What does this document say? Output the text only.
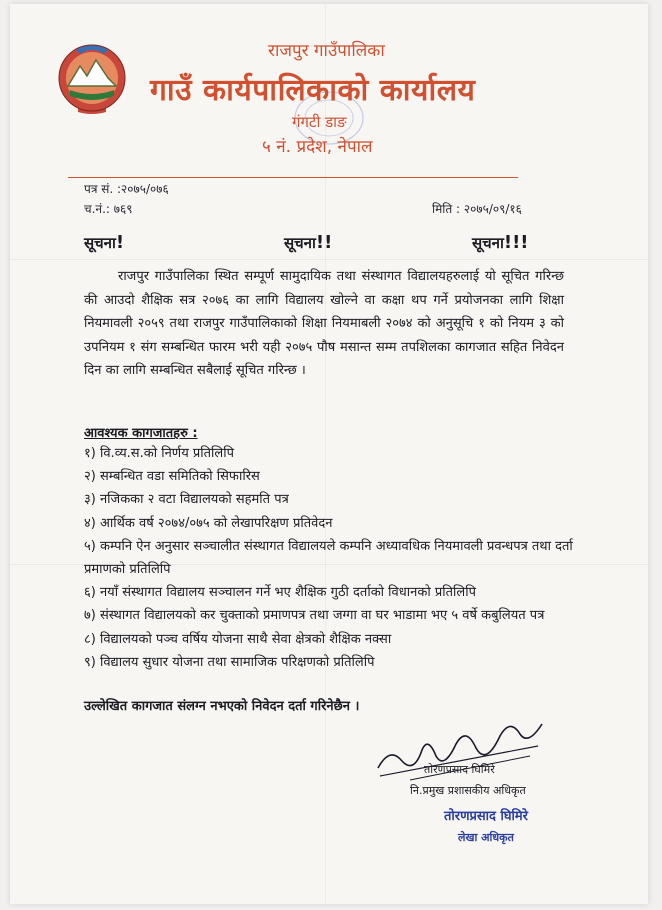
राजपुर गाउँपालिका
गाउँ कार्यपालिकाको कार्यालय
गंगटी डाङ
५ नं. प्रदेश, नेपाल
पत्र सं. :२०७५/०७६
च.नं.: ७६९	मिति : २०७५/०९/१६
सूचना!	सूचना!!	सूचना!!!
राजपुर गाउँपालिका स्थित सम्पूर्ण सामुदायिक तथा संस्थागत विद्यालयहरुलाई यो सूचित गरिन्छ की आउदो शैक्षिक सत्र २०७६ का लागि विद्यालय खोल्ने वा कक्षा थप गर्ने प्रयोजनका लागि शिक्षा नियमावली २०५९ तथा राजपुर गाउँपालिकाको शिक्षा नियमाबली २०७४ को अनुसूचि १ को नियम ३ को उपनियम १ संग सम्बन्धित फारम भरी यही २०७५ पौष मसान्त सम्म तपशिलका कागजात सहित निवेदन दिन का लागि सम्बन्धित सबैलाई सूचित गरिन्छ ।
आवश्यक कागजातहरु :
१) वि.व्य.स.को निर्णय प्रतिलिपि
२) सम्बन्धित वडा समितिको सिफारिस
३) नजिकका २ वटा विद्यालयको सहमति पत्र
४) आर्थिक वर्ष २०७४/०७५ को लेखापरिक्षण प्रतिवेदन
५) कम्पनि ऐन अनुसार सञ्चालीत संस्थागत विद्यालयले कम्पनि अध्यावधिक नियमावली प्रवन्धपत्र तथा दर्ता प्रमाणको प्रतिलिपि
६) नयाँ संस्थागत विद्यालय सञ्चालन गर्ने भए शैक्षिक गुठी दर्ताको विधानको प्रतिलिपि
७) संस्थागत विद्यालयको कर चुक्ताको प्रमाणपत्र तथा जग्गा वा घर भाडामा भए ५ वर्षे कबुलियत पत्र
८) विद्यालयको पञ्च वर्षिय योजना साथै सेवा क्षेत्रको शैक्षिक नक्सा
९) विद्यालय सुधार योजना तथा सामाजिक परिक्षणको प्रतिलिपि
उल्लेखित कागजात संलग्न नभएको निवेदन दर्ता गरिनेछैन ।
तोरणप्रसाद घिमिरे
नि.प्रमुख प्रशासकीय अधिकृत
तोरणप्रसाद घिमिरे
लेखा अधिकृत
